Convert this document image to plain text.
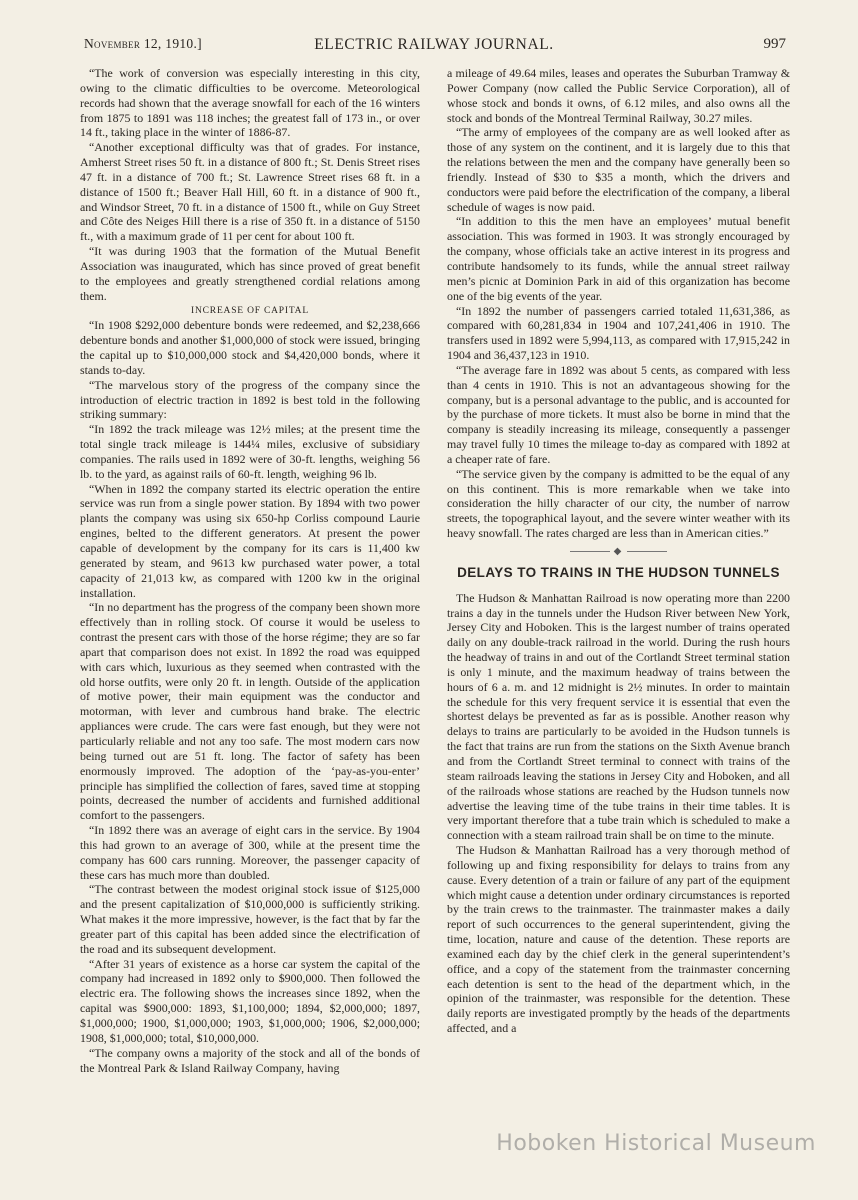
November 12, 1910.]	ELECTRIC RAILWAY JOURNAL.	997

“The work of conversion was especially interesting in this city, owing to the climatic difficulties to be overcome. Meteorological records had shown that the average snowfall for each of the 16 winters from 1875 to 1891 was 118 inches; the greatest fall of 173 in., or over 14 ft., taking place in the winter of 1886-87.

“Another exceptional difficulty was that of grades. For instance, Amherst Street rises 50 ft. in a distance of 800 ft.; St. Denis Street rises 47 ft. in a distance of 700 ft.; St. Lawrence Street rises 68 ft. in a distance of 1500 ft.; Beaver Hall Hill, 60 ft. in a distance of 900 ft., and Windsor Street, 70 ft. in a distance of 1500 ft., while on Guy Street and Côte des Neiges Hill there is a rise of 350 ft. in a distance of 5150 ft., with a maximum grade of 11 per cent for about 100 ft.

“It was during 1903 that the formation of the Mutual Benefit Association was inaugurated, which has since proved of great benefit to the employees and greatly strengthened cordial relations among them.

INCREASE OF CAPITAL

“In 1908 $292,000 debenture bonds were redeemed, and $2,238,666 debenture bonds and another $1,000,000 of stock were issued, bringing the capital up to $10,000,000 stock and $4,420,000 bonds, where it stands to-day.

“The marvelous story of the progress of the company since the introduction of electric traction in 1892 is best told in the following striking summary:

“In 1892 the track mileage was 12½ miles; at the present time the total single track mileage is 144¼ miles, exclusive of subsidiary companies. The rails used in 1892 were of 30-ft. lengths, weighing 56 lb. to the yard, as against rails of 60-ft. length, weighing 96 lb.

“When in 1892 the company started its electric operation the entire service was run from a single power station. By 1894 with two power plants the company was using six 650-hp Corliss compound Laurie engines, belted to the different generators. At present the power capable of development by the company for its cars is 11,400 kw generated by steam, and 9613 kw purchased water power, a total capacity of 21,013 kw, as compared with 1200 kw in the original installation.

“In no department has the progress of the company been shown more effectively than in rolling stock. Of course it would be useless to contrast the present cars with those of the horse régime; they are so far apart that comparison does not exist. In 1892 the road was equipped with cars which, luxurious as they seemed when contrasted with the old horse outfits, were only 20 ft. in length. Outside of the application of motive power, their main equipment was the conductor and motorman, with lever and cumbrous hand brake. The electric appliances were crude. The cars were fast enough, but they were not particularly reliable and not any too safe. The most modern cars now being turned out are 51 ft. long. The factor of safety has been enormously improved. The adoption of the ‘pay-as-you-enter’ principle has simplified the collection of fares, saved time at stopping points, decreased the number of accidents and furnished additional comfort to the passengers.

“In 1892 there was an average of eight cars in the service. By 1904 this had grown to an average of 300, while at the present time the company has 600 cars running. Moreover, the passenger capacity of these cars has much more than doubled.

“The contrast between the modest original stock issue of $125,000 and the present capitalization of $10,000,000 is sufficiently striking. What makes it the more impressive, however, is the fact that by far the greater part of this capital has been added since the electrification of the road and its subsequent development.

“After 31 years of existence as a horse car system the capital of the company had increased in 1892 only to $900,000. Then followed the electric era. The following shows the increases since 1892, when the capital was $900,000: 1893, $1,100,000; 1894, $2,000,000; 1897, $1,000,000; 1900, $1,000,000; 1903, $1,000,000; 1906, $2,000,000; 1908, $1,000,000; total, $10,000,000.

“The company owns a majority of the stock and all of the bonds of the Montreal Park & Island Railway Company, having

a mileage of 49.64 miles, leases and operates the Suburban Tramway & Power Company (now called the Public Service Corporation), all of whose stock and bonds it owns, of 6.12 miles, and also owns all the stock and bonds of the Montreal Terminal Railway, 30.27 miles.

“The army of employees of the company are as well looked after as those of any system on the continent, and it is largely due to this that the relations between the men and the company have generally been so friendly. Instead of $30 to $35 a month, which the drivers and conductors were paid before the electrification of the company, a liberal schedule of wages is now paid.

“In addition to this the men have an employees’ mutual benefit association. This was formed in 1903. It was strongly encouraged by the company, whose officials take an active interest in its progress and contribute handsomely to its funds, while the annual street railway men’s picnic at Dominion Park in aid of this organization has become one of the big events of the year.

“In 1892 the number of passengers carried totaled 11,631,386, as compared with 60,281,834 in 1904 and 107,241,406 in 1910. The transfers used in 1892 were 5,994,113, as compared with 17,915,242 in 1904 and 36,437,123 in 1910.

“The average fare in 1892 was about 5 cents, as compared with less than 4 cents in 1910. This is not an advantageous showing for the company, but is a personal advantage to the public, and is accounted for by the purchase of more tickets. It must also be borne in mind that the company is steadily increasing its mileage, consequently a passenger may travel fully 10 times the mileage to-day as compared with 1892 at a cheaper rate of fare.

“The service given by the company is admitted to be the equal of any on this continent. This is more remarkable when we take into consideration the hilly character of our city, the number of narrow streets, the topographical layout, and the severe winter weather with its heavy snowfall. The rates charged are less than in American cities.”

◆
DELAYS TO TRAINS IN THE HUDSON TUNNELS

The Hudson & Manhattan Railroad is now operating more than 2200 trains a day in the tunnels under the Hudson River between New York, Jersey City and Hoboken. This is the largest number of trains operated daily on any double-track railroad in the world. During the rush hours the headway of trains in and out of the Cortlandt Street terminal station is only 1 minute, and the maximum headway of trains between the hours of 6 a. m. and 12 midnight is 2½ minutes. In order to maintain the schedule for this very frequent service it is essential that even the shortest delays be prevented as far as is possible. Another reason why delays to trains are particularly to be avoided in the Hudson tunnels is the fact that trains are run from the stations on the Sixth Avenue branch and from the Cortlandt Street terminal to connect with trains of the steam railroads leaving the stations in Jersey City and Hoboken, and all of the railroads whose stations are reached by the Hudson tunnels now advertise the leaving time of the tube trains in their time tables. It is very important therefore that a tube train which is scheduled to make a connection with a steam railroad train shall be on time to the minute.

The Hudson & Manhattan Railroad has a very thorough method of following up and fixing responsibility for delays to trains from any cause. Every detention of a train or failure of any part of the equipment which might cause a detention under ordinary circumstances is reported by the train crews to the trainmaster. The trainmaster makes a daily report of such occurrences to the general superintendent, giving the time, location, nature and cause of the detention. These reports are examined each day by the chief clerk in the general superintendent’s office, and a copy of the statement from the trainmaster concerning each detention is sent to the head of the department which, in the opinion of the trainmaster, was responsible for the detention. These daily reports are investigated promptly by the heads of the departments affected, and a

Hoboken Historical Museum
